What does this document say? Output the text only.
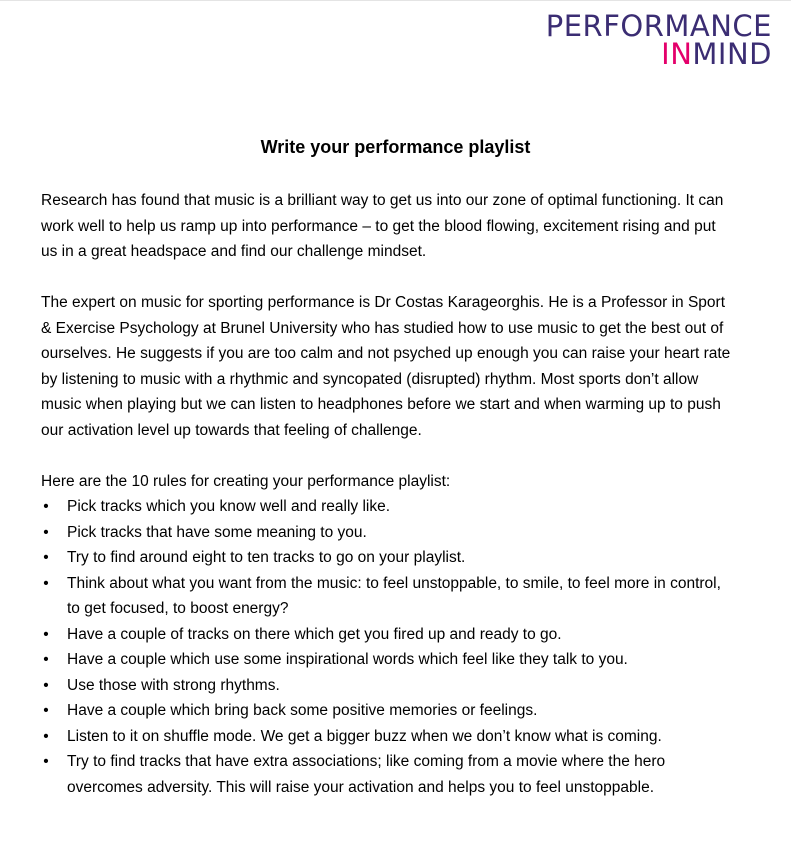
PERFORMANCE
INMIND
Write your performance playlist

Research has found that music is a brilliant way to get us into our zone of optimal functioning. It can work well to help us ramp up into performance – to get the blood flowing, excitement rising and put us in a great headspace and find our challenge mindset.

The expert on music for sporting performance is Dr Costas Karageorghis. He is a Professor in Sport & Exercise Psychology at Brunel University who has studied how to use music to get the best out of ourselves. He suggests if you are too calm and not psyched up enough you can raise your heart rate by listening to music with a rhythmic and syncopated (disrupted) rhythm. Most sports don’t allow music when playing but we can listen to headphones before we start and when warming up to push our activation level up towards that feeling of challenge.

Here are the 10 rules for creating your performance playlist:

• Pick tracks which you know well and really like.
• Pick tracks that have some meaning to you.
• Try to find around eight to ten tracks to go on your playlist.
• Think about what you want from the music: to feel unstoppable, to smile, to feel more in control, to get focused, to boost energy?
• Have a couple of tracks on there which get you fired up and ready to go.
• Have a couple which use some inspirational words which feel like they talk to you.
• Use those with strong rhythms.
• Have a couple which bring back some positive memories or feelings.
• Listen to it on shuffle mode. We get a bigger buzz when we don’t know what is coming.
• Try to find tracks that have extra associations; like coming from a movie where the hero overcomes adversity. This will raise your activation and helps you to feel unstoppable.
